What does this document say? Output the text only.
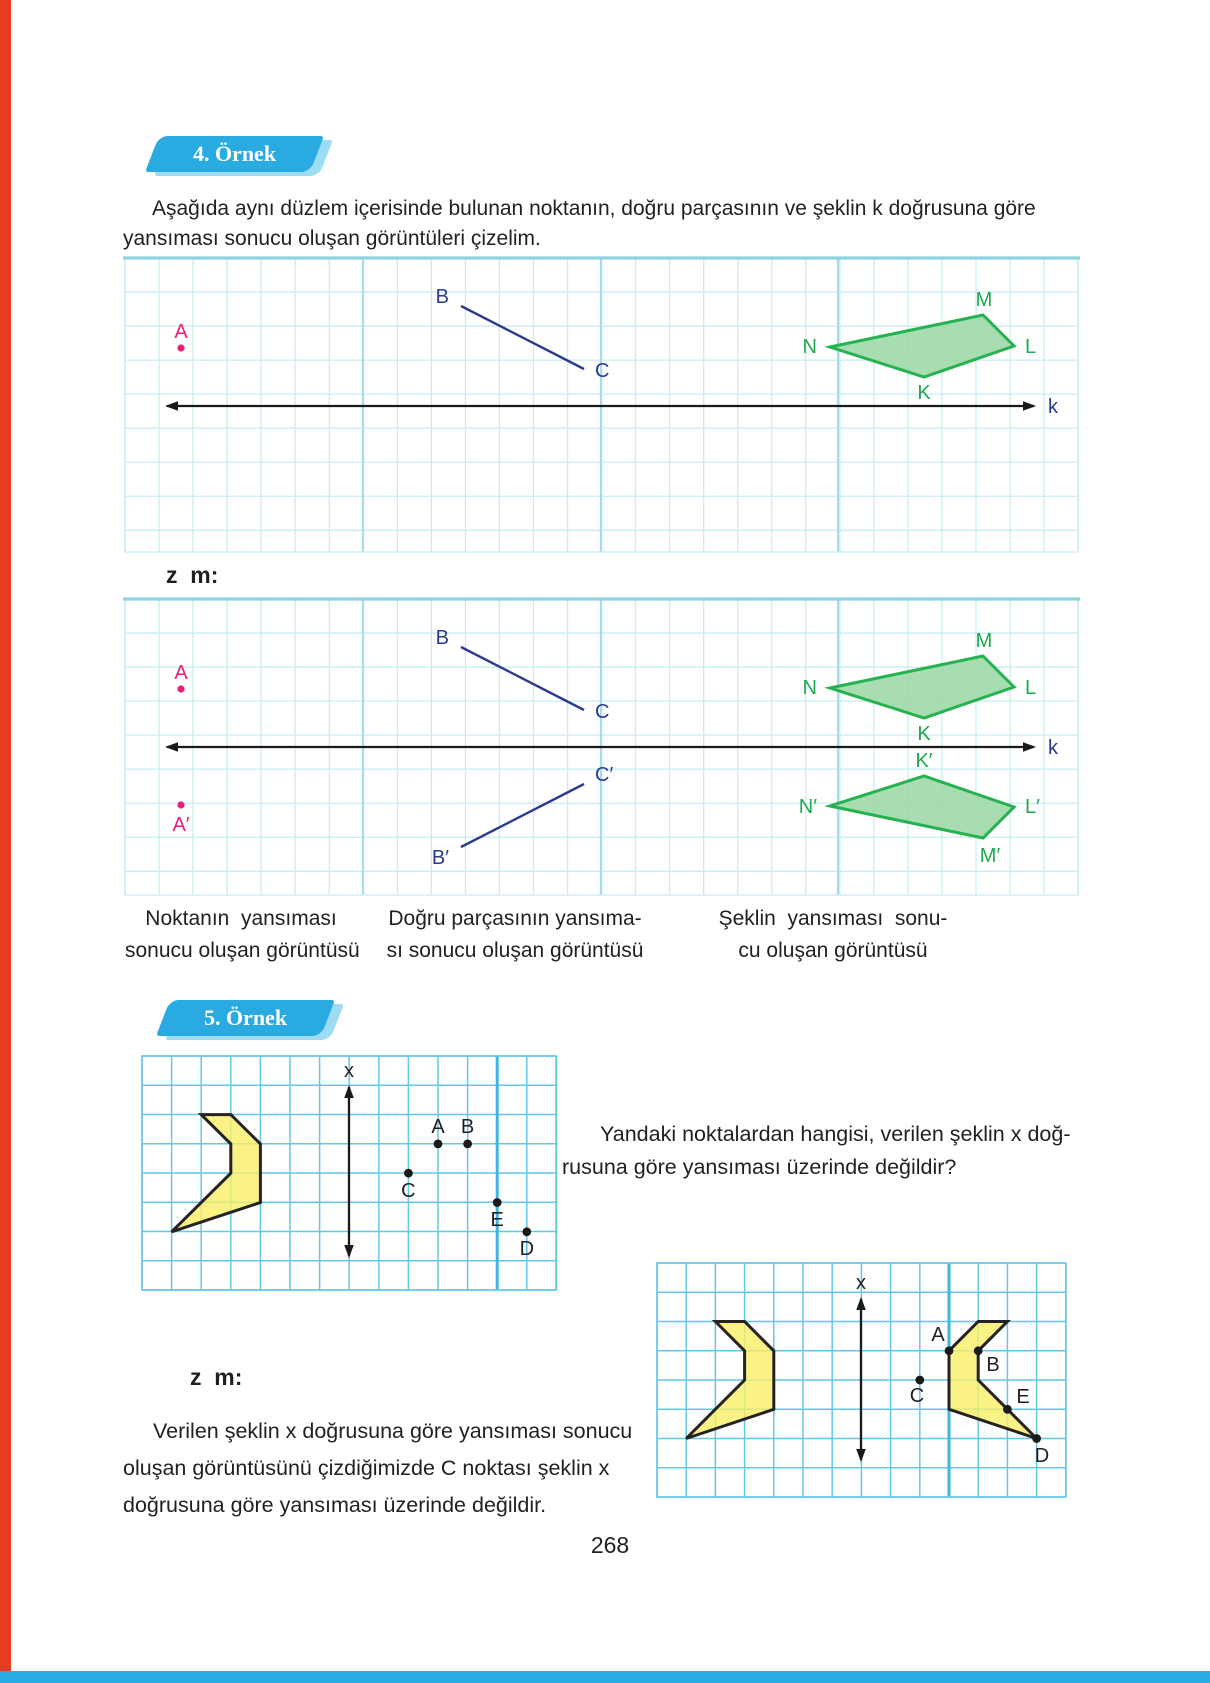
N
M
L
K
B
C
k
A
N
M
L
K
N′
M′
L′
K′
B
C
C′
B′
k
A
A′
x
A B
C
E
D
x
A
B
C	E
D
4. Örnek
Aşağıda aynı düzlem içerisinde bulunan noktanın, doğru parçasının ve şeklin k doğrusuna göre
yansıması sonucu oluşan görüntüleri çizelim.
z  m:
Noktanın  yansıması
sonucu oluşan görüntüsü
Doğru parçasının yansıma-
sı sonucu oluşan görüntüsü
Şeklin  yansıması  sonu-
cu oluşan görüntüsü
5. Örnek
Yandaki noktalardan hangisi, verilen şeklin x doğ-
rusuna göre yansıması üzerinde değildir?
z  m:
Verilen şeklin x doğrusuna göre yansıması sonucu
oluşan görüntüsünü çizdiğimizde C noktası şeklin x
doğrusuna göre yansıması üzerinde değildir.
268
